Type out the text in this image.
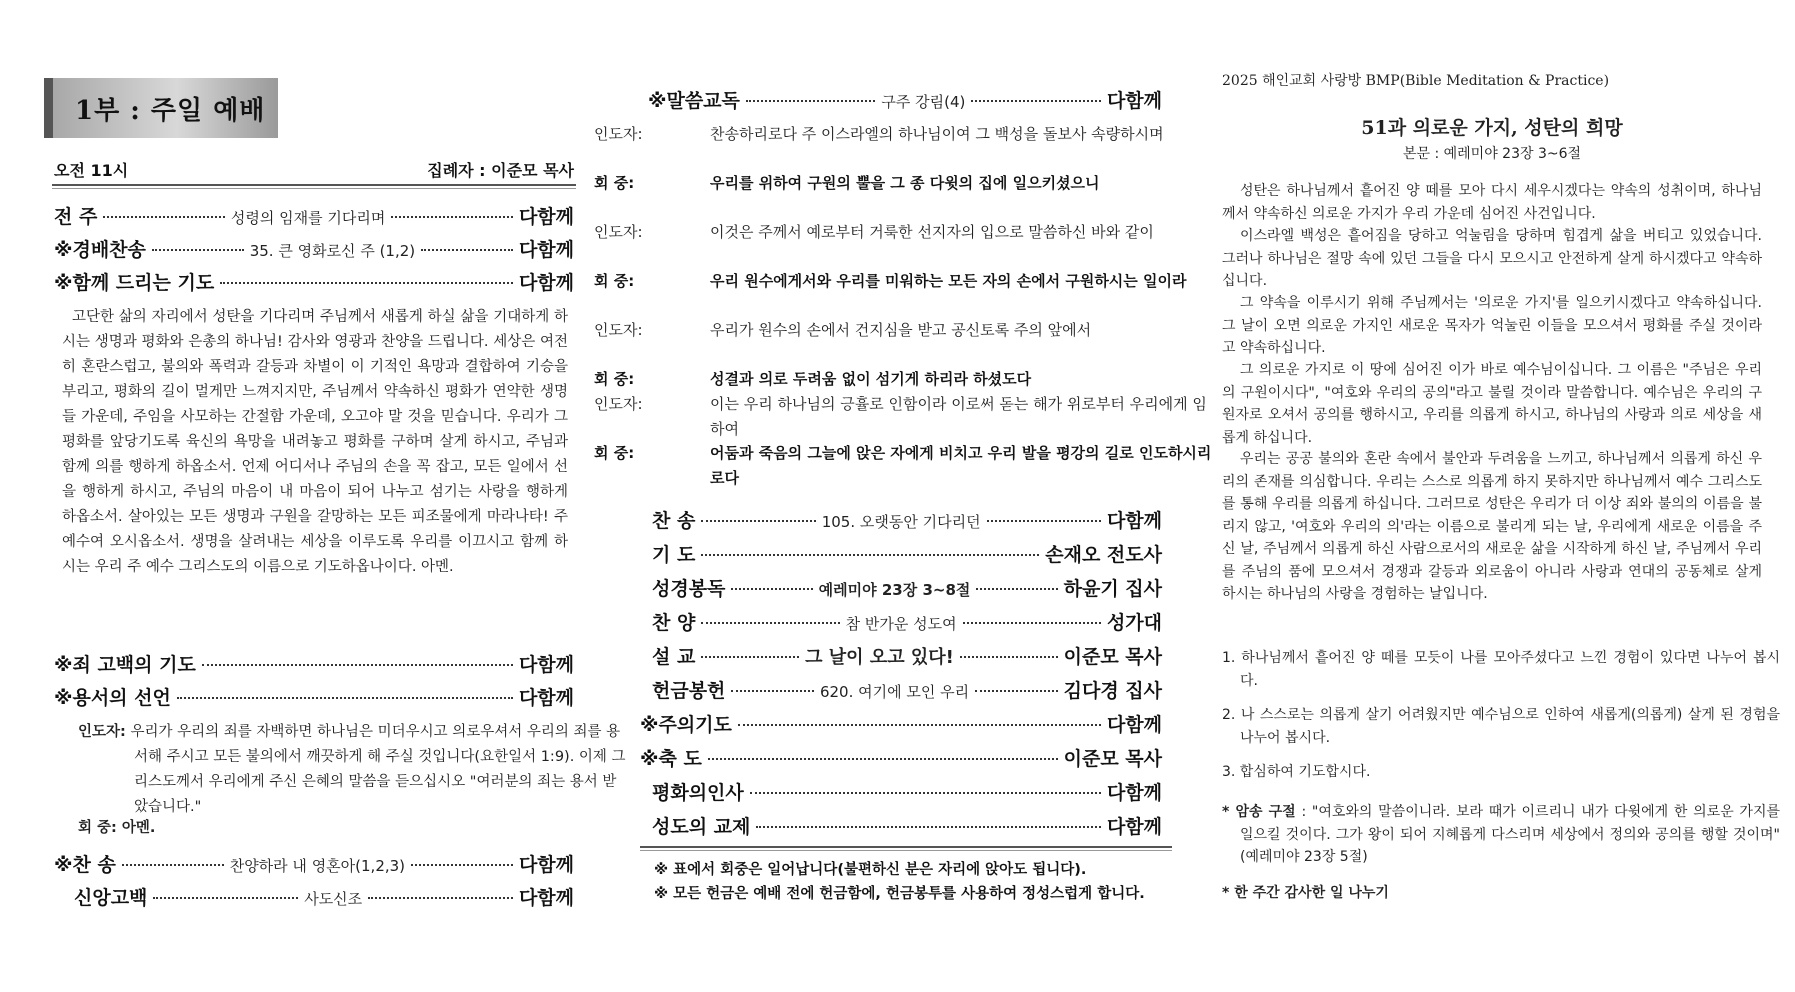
1부 : 주일 예배
오전 11시	집례자 : 이준모 목사
전 주	성령의 임재를 기다리며	다함께
※경배찬송	35. 큰 영화로신 주 (1,2)	다함께
※함께 드리는 기도	다함께
고단한 삶의 자리에서 성탄을 기다리며 주님께서 새롭게 하실 삶을 기대하게 하시는 생명과 평화와 은총의 하나님! 감사와 영광과 찬양을 드립니다. 세상은 여전히 혼란스럽고, 불의와 폭력과 갈등과 차별이 이 기적인 욕망과 결합하여 기승을 부리고, 평화의 길이 멀게만 느껴지지만, 주님께서 약속하신 평화가 연약한 생명들 가운데, 주임을 사모하는 간절함 가운데, 오고야 말 것을 믿습니다. 우리가 그 평화를 앞당기도록 육신의 욕망을 내려놓고 평화를 구하며 살게 하시고, 주님과 함께 의를 행하게 하옵소서. 언제 어디서나 주님의 손을 꼭 잡고, 모든 일에서 선을 행하게 하시고, 주님의 마음이 내 마음이 되어 나누고 섬기는 사랑을 행하게 하옵소서. 살아있는 모든 생명과 구원을 갈망하는 모든 피조물에게 마라나타! 주 예수여 오시옵소서. 생명을 살려내는 세상을 이루도록 우리를 이끄시고 함께 하시는 우리 주 예수 그리스도의 이름으로 기도하옵나이다. 아멘.
※죄 고백의 기도	다함께
※용서의 선언	다함께
인도자: 우리가 우리의 죄를 자백하면 하나님은 미더우시고 의로우셔서 우리의 죄를 용서해 주시고 모든 불의에서 깨끗하게 해 주실 것입니다(요한일서 1:9). 이제 그리스도께서 우리에게 주신 은혜의 말씀을 듣으십시오 "여러분의 죄는 용서 받았습니다."
회 중: 아멘.
※찬 송	찬양하라 내 영혼아(1,2,3)	다함께
신앙고백	사도신조	다함께
※말씀교독	구주 강림(4)	다함께
인도자:	찬송하리로다 주 이스라엘의 하나님이여 그 백성을 돌보사 속량하시며
회 중:	우리를 위하여 구원의 뿔을 그 종 다윗의 집에 일으키셨으니
인도자:	이것은 주께서 예로부터 거룩한 선지자의 입으로 말씀하신 바와 같이
회 중:	우리 원수에게서와 우리를 미워하는 모든 자의 손에서 구원하시는 일이라
인도자:	우리가 원수의 손에서 건지심을 받고 공신토록 주의 앞에서
회 중:	성결과 의로 두려움 없이 섬기게 하리라 하셨도다
인도자:	이는 우리 하나님의 긍휼로 인함이라 이로써 돋는 해가 위로부터 우리에게 임하여
회 중:	어둠과 죽음의 그늘에 앉은 자에게 비치고 우리 발을 평강의 길로 인도하시리로다
찬 송	105. 오랫동안 기다리던	다함께
기 도	손재오 전도사
성경봉독	예레미야 23장 3~8절	하윤기 집사
찬 양	참 반가운 성도여	성가대
설 교	그 날이 오고 있다!	이준모 목사
헌금봉헌	620. 여기에 모인 우리	김다경 집사
※주의기도	다함께
※축 도	이준모 목사
평화의인사	다함께
성도의 교제	다함께
※ 표에서 회중은 일어납니다(불편하신 분은 자리에 앉아도 됩니다).
※ 모든 헌금은 예배 전에 헌금함에, 헌금봉투를 사용하여 정성스럽게 합니다.
2025 해인교회 사랑방 BMP(Bible Meditation & Practice)
51과 의로운 가지, 성탄의 희망
본문 : 예레미야 23장 3~6절
성탄은 하나님께서 흩어진 양 떼를 모아 다시 세우시겠다는 약속의 성취이며, 하나님께서 약속하신 의로운 가지가 우리 가운데 심어진 사건입니다.
이스라엘 백성은 흩어짐을 당하고 억눌림을 당하며 힘겹게 삶을 버티고 있었습니다. 그러나 하나님은 절망 속에 있던 그들을 다시 모으시고 안전하게 살게 하시겠다고 약속하십니다.
그 약속을 이루시기 위해 주님께서는 '의로운 가지'를 일으키시겠다고 약속하십니다. 그 날이 오면 의로운 가지인 새로운 목자가 억눌린 이들을 모으셔서 평화를 주실 것이라고 약속하십니다.
그 의로운 가지로 이 땅에 심어진 이가 바로 예수님이십니다. 그 이름은 "주님은 우리의 구원이시다", "여호와 우리의 공의"라고 불릴 것이라 말씀합니다. 예수님은 우리의 구원자로 오셔서 공의를 행하시고, 우리를 의롭게 하시고, 하나님의 사랑과 의로 세상을 새롭게 하십니다.
우리는 공공 불의와 혼란 속에서 불안과 두려움을 느끼고, 하나님께서 의롭게 하신 우리의 존재를 의심합니다. 우리는 스스로 의롭게 하지 못하지만 하나님께서 예수 그리스도를 통해 우리를 의롭게 하십니다. 그러므로 성탄은 우리가 더 이상 죄와 불의의 이름을 불리지 않고, '여호와 우리의 의'라는 이름으로 불리게 되는 날, 우리에게 새로운 이름을 주신 날, 주님께서 의롭게 하신 사람으로서의 새로운 삶을 시작하게 하신 날, 주님께서 우리를 주님의 품에 모으셔서 경쟁과 갈등과 외로움이 아니라 사랑과 연대의 공동체로 살게 하시는 하나님의 사랑을 경험하는 날입니다.
1. 하나님께서 흩어진 양 떼를 모듯이 나를 모아주셨다고 느낀 경험이 있다면 나누어 봅시다.
2. 나 스스로는 의롭게 살기 어려웠지만 예수님으로 인하여 새롭게(의롭게) 살게 된 경험을 나누어 봅시다.
3. 합심하여 기도합시다.
* 암송 구절 : "여호와의 말씀이니라. 보라 때가 이르리니 내가 다윗에게 한 의로운 가지를 일으킬 것이다. 그가 왕이 되어 지혜롭게 다스리며 세상에서 정의와 공의를 행할 것이며"(예레미야 23장 5절)
* 한 주간 감사한 일 나누기
